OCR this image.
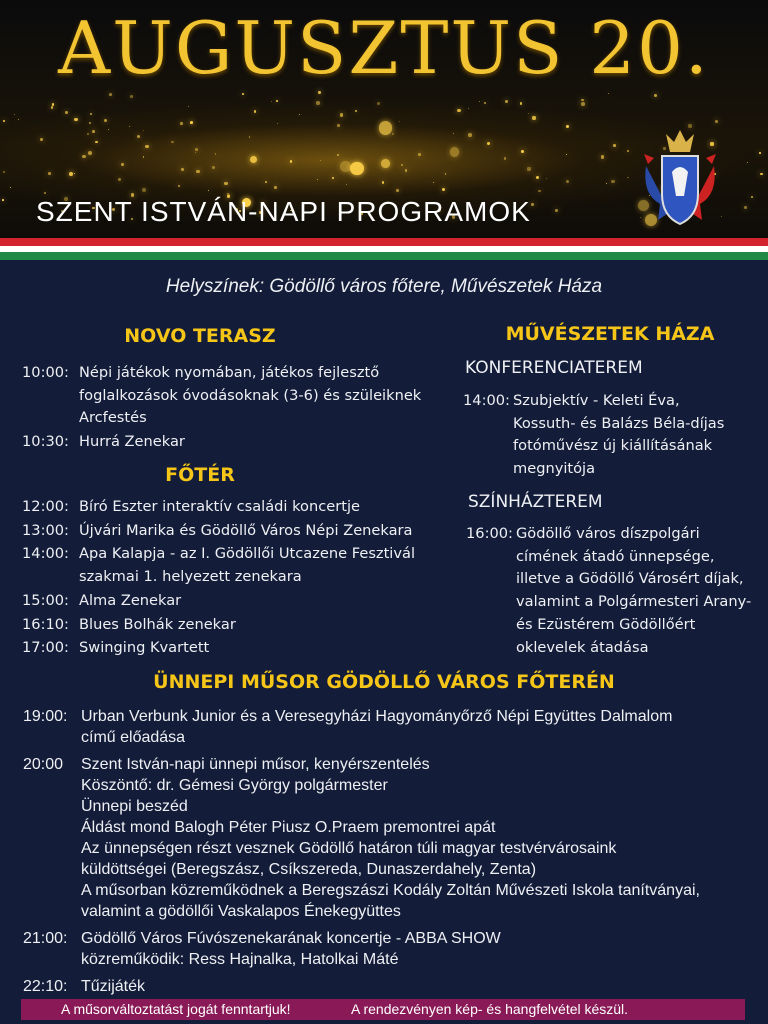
AUGUSZTUS 20.
SZENT ISTVÁN-NAPI PROGRAMOK
Helyszínek: Gödöllő város főtere, Művészetek Háza
NOVO TERASZ
10:00: Népi játékok nyomában, játékos fejlesztő
foglalkozások óvodásoknak (3-6) és szüleiknek
Arcfestés
10:30: Hurrá Zenekar
FŐTÉR
12:00: Bíró Eszter interaktív családi koncertje
13:00: Újvári Marika és Gödöllő Város Népi Zenekara
14:00: Apa Kalapja - az I. Gödöllői Utcazene Fesztivál
szakmai 1. helyezett zenekara
15:00: Alma Zenekar
16:10: Blues Bolhák zenekar
17:00: Swinging Kvartett
MŰVÉSZETEK HÁZA
KONFERENCIATEREM
14:00: Szubjektív - Keleti Éva,
Kossuth- és Balázs Béla-díjas
fotóművész új kiállításának
megnyitója
SZÍNHÁZTEREM
16:00: Gödöllő város díszpolgári
címének átadó ünnepsége,
illetve a Gödöllő Városért díjak,
valamint a Polgármesteri Arany-
és Ezüstérem Gödöllőért
oklevelek átadása
ÜNNEPI MŰSOR GÖDÖLLŐ VÁROS FŐTERÉN
19:00: Urban Verbunk Junior és a Veresegyházi Hagyományőrző Népi Együttes Dalmalom
című előadása
20:00 Szent István-napi ünnepi műsor, kenyérszentelés
Köszöntő: dr. Gémesi György polgármester
Ünnepi beszéd
Áldást mond Balogh Péter Piusz O.Praem premontrei apát
Az ünnepségen részt vesznek Gödöllő határon túli magyar testvérvárosaink
küldöttségei (Beregszász, Csíkszereda, Dunaszerdahely, Zenta)
A műsorban közreműködnek a Beregszászi Kodály Zoltán Művészeti Iskola tanítványai,
valamint a gödöllői Vaskalapos Énekegyüttes
21:00: Gödöllő Város Fúvószenekarának koncertje - ABBA SHOW
közreműködik: Ress Hajnalka, Hatolkai Máté
22:10: Tűzijáték
A műsorváltoztatást jogát fenntartjuk!	A rendezvényen kép- és hangfelvétel készül.
